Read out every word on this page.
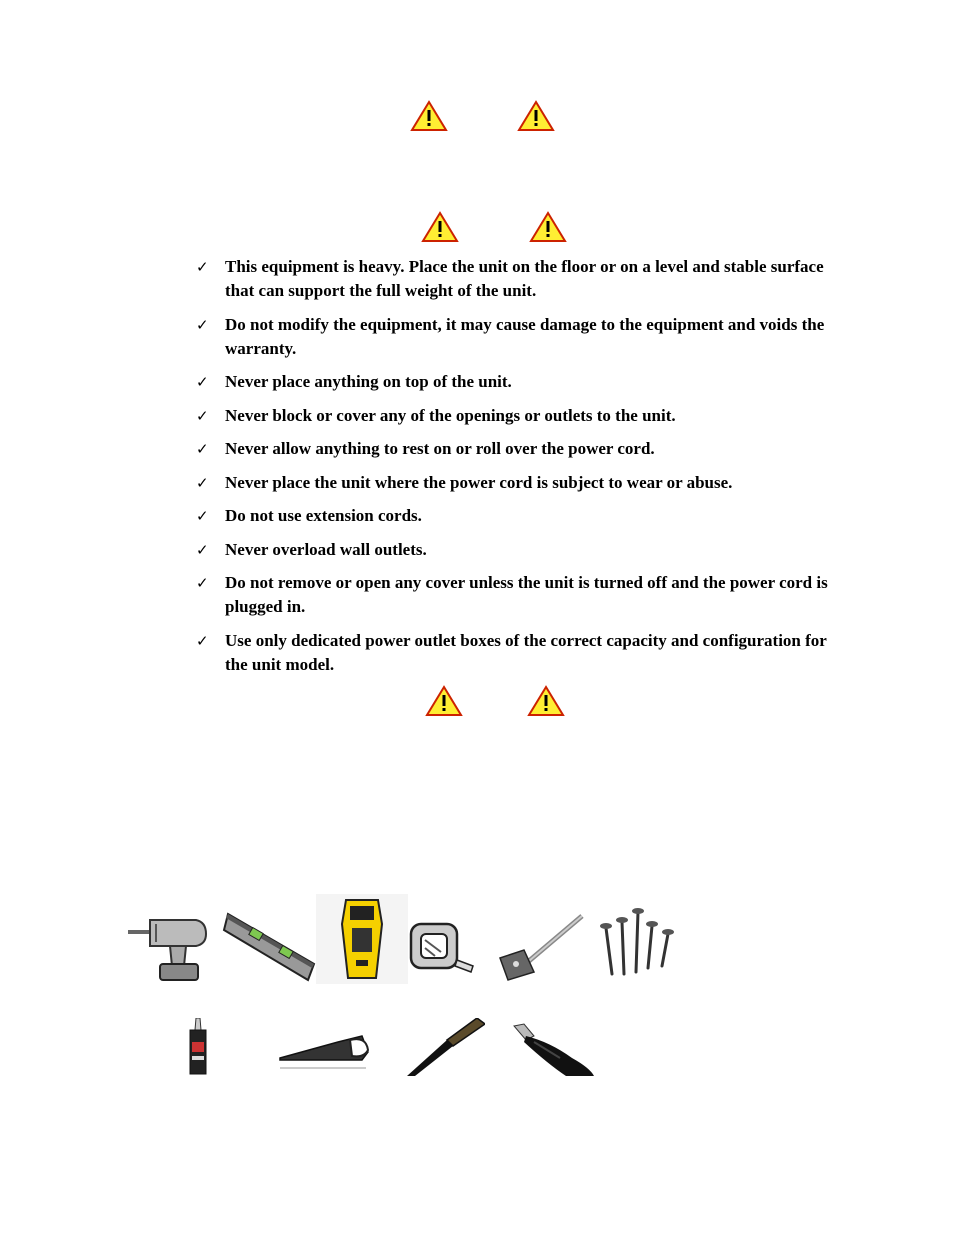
✓ This equipment is heavy. Place the unit on the floor or on a level and stable surface that can support the full weight of the unit.
✓ Do not modify the equipment, it may cause damage to the equipment and voids the warranty.
✓ Never place anything on top of the unit.
✓ Never block or cover any of the openings or outlets to the unit.
✓ Never allow anything to rest on or roll over the power cord.
✓ Never place the unit where the power cord is subject to wear or abuse.
✓ Do not use extension cords.
✓ Never overload wall outlets.
✓ Do not remove or open any cover unless the unit is turned off and the power cord is plugged in.
✓ Use only dedicated power outlet boxes of the correct capacity and configuration for the unit model.
